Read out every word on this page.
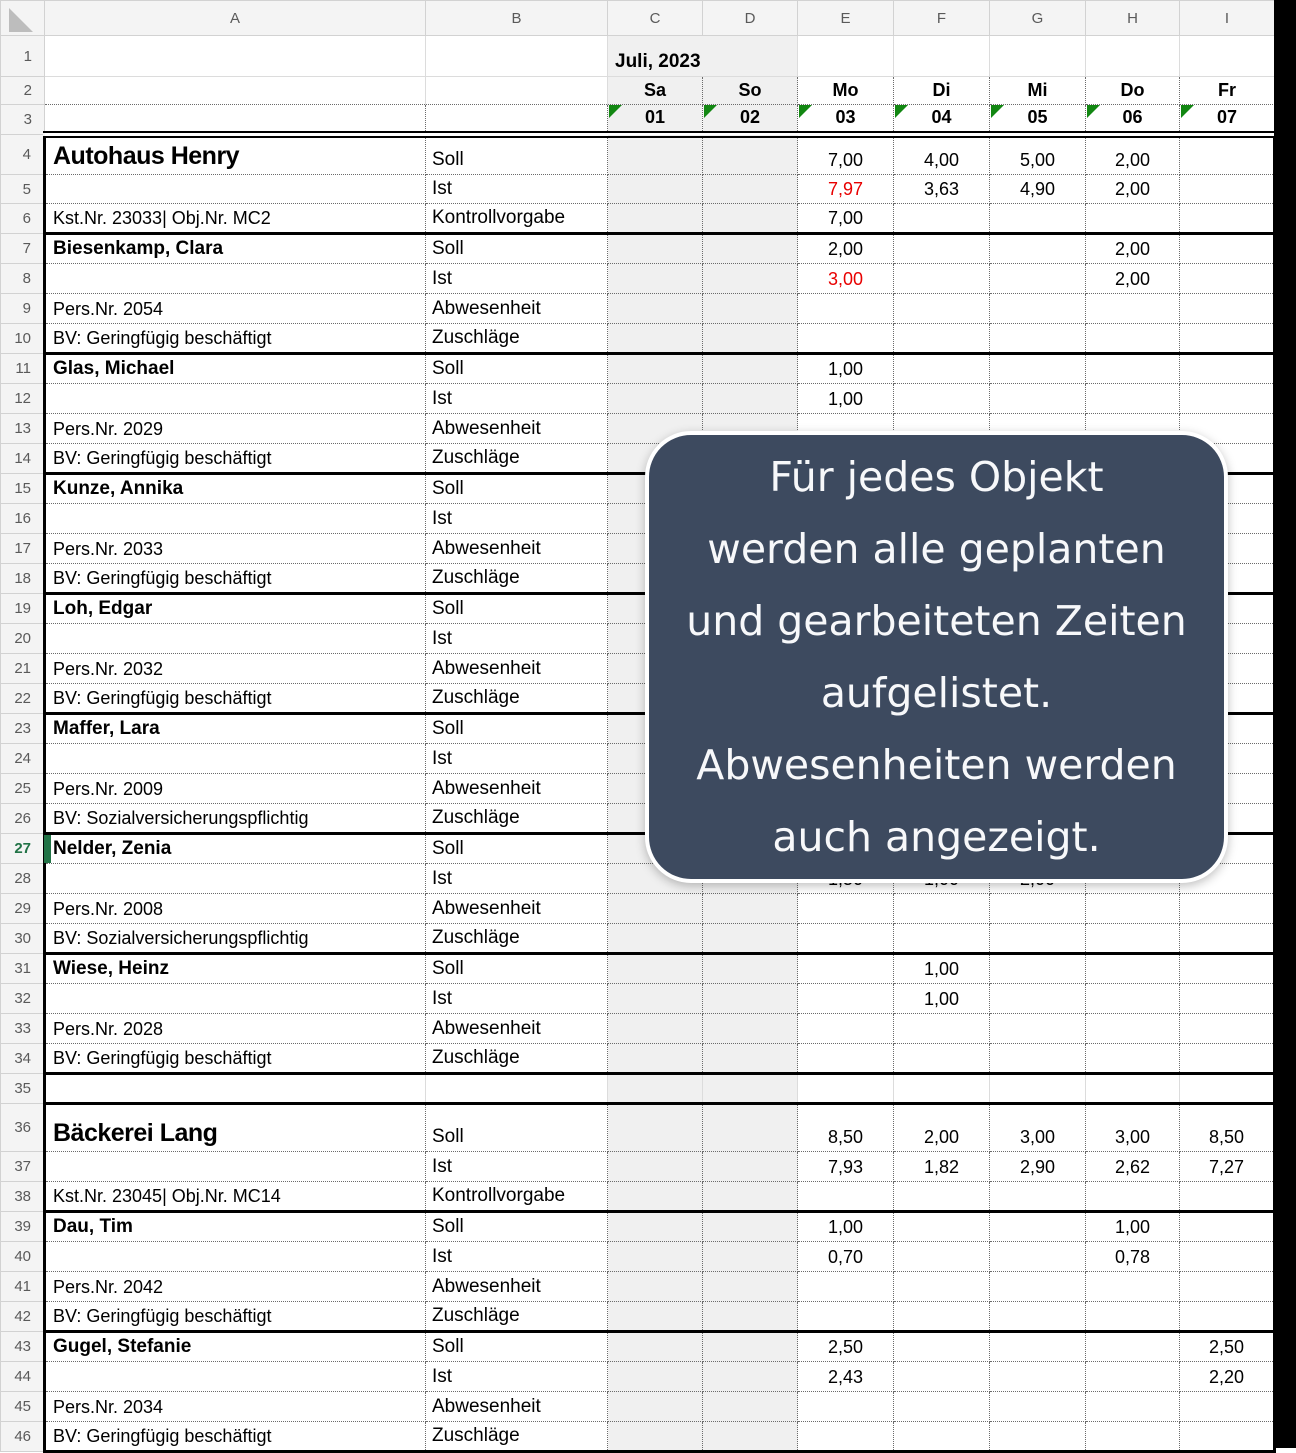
	A	B	C	D	E	F	G	H	I
1			Juli, 2023						
2			Sa	So	Mo	Di	Mi	Do	Fr
3			01	02	03	04	05	06	07

4	Autohaus Henry	Soll			7,00	4,00	5,00	2,00	
5		Ist			7,97	3,63	4,90	2,00	
6	Kst.Nr. 23033| Obj.Nr. MC2	Kontrollvorgabe			7,00				
7	Biesenkamp, Clara	Soll			2,00			2,00	
8		Ist			3,00			2,00	
9	Pers.Nr. 2054	Abwesenheit							
10	BV: Geringfügig beschäftigt	Zuschläge							
11	Glas, Michael	Soll			1,00				
12		Ist			1,00				
13	Pers.Nr. 2029	Abwesenheit							
14	BV: Geringfügig beschäftigt	Zuschläge							
15	Kunze, Annika	Soll							
16		Ist							
17	Pers.Nr. 2033	Abwesenheit							
18	BV: Geringfügig beschäftigt	Zuschläge							
19	Loh, Edgar	Soll							
20		Ist							
21	Pers.Nr. 2032	Abwesenheit							
22	BV: Geringfügig beschäftigt	Zuschläge							
23	Maffer, Lara	Soll							
24		Ist							
25	Pers.Nr. 2009	Abwesenheit							
26	BV: Sozialversicherungspflichtig	Zuschläge							
27	Nelder, Zenia	Soll							
28		Ist							
29	Pers.Nr. 2008	Abwesenheit							
30	BV: Sozialversicherungspflichtig	Zuschläge							
31	Wiese, Heinz	Soll				1,00			
32		Ist				1,00			
33	Pers.Nr. 2028	Abwesenheit							
34	BV: Geringfügig beschäftigt	Zuschläge							
35									
36	Bäckerei Lang	Soll			8,50	2,00	3,00	3,00	8,50
37		Ist			7,93	1,82	2,90	2,62	7,27
38	Kst.Nr. 23045| Obj.Nr. MC14	Kontrollvorgabe							
39	Dau, Tim	Soll			1,00			1,00	
40		Ist			0,70			0,78	
41	Pers.Nr. 2042	Abwesenheit							
42	BV: Geringfügig beschäftigt	Zuschläge							
43	Gugel, Stefanie	Soll			2,50				2,50
44		Ist			2,43				2,20
45	Pers.Nr. 2034	Abwesenheit							
46	BV: Geringfügig beschäftigt	Zuschläge							
Für jedes Objekt
werden alle geplanten
und gearbeiteten Zeiten
aufgelistet.
Abwesenheiten werden
auch angezeigt.
